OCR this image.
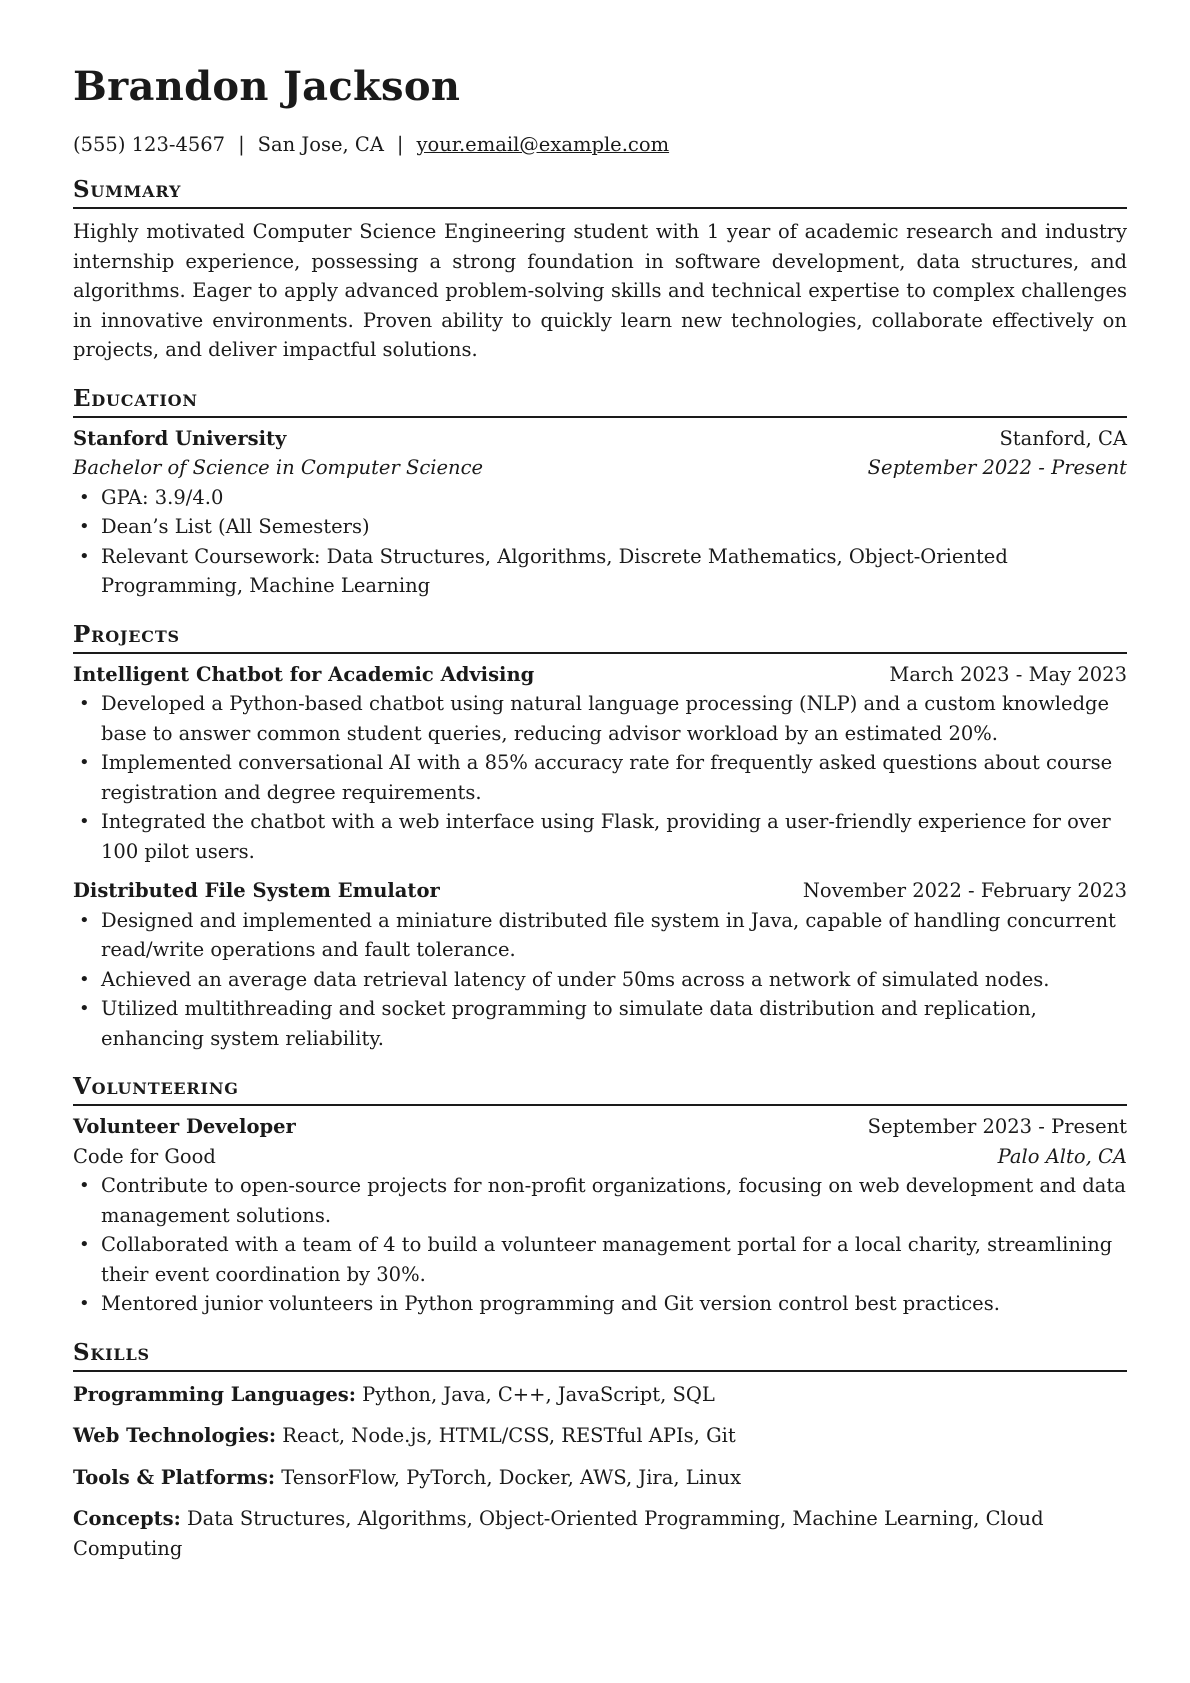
Brandon Jackson
(555) 123-4567 | San Jose, CA | your.email@example.com
Summary
Highly motivated Computer Science Engineering student with 1 year of academic research and industry internship experience, possessing a strong foundation in software development, data structures, and algorithms. Eager to apply advanced problem-solving skills and technical expertise to complex challenges in innovative environments. Proven ability to quickly learn new technologies, collaborate effectively on projects, and deliver impactful solutions.
Education
Stanford University	Stanford, CA
Bachelor of Science in Computer Science	September 2022 - Present
• GPA: 3.9/4.0
• Dean’s List (All Semesters)
• Relevant Coursework: Data Structures, Algorithms, Discrete Mathematics, Object-Oriented Programming, Machine Learning
Projects
Intelligent Chatbot for Academic Advising	March 2023 - May 2023
• Developed a Python-based chatbot using natural language processing (NLP) and a custom knowledge base to answer common student queries, reducing advisor workload by an estimated 20%.
• Implemented conversational AI with a 85% accuracy rate for frequently asked questions about course registration and degree requirements.
• Integrated the chatbot with a web interface using Flask, providing a user-friendly experience for over 100 pilot users.
Distributed File System Emulator	November 2022 - February 2023
• Designed and implemented a miniature distributed file system in Java, capable of handling concurrent read/write operations and fault tolerance.
• Achieved an average data retrieval latency of under 50ms across a network of simulated nodes.
• Utilized multithreading and socket programming to simulate data distribution and replication, enhancing system reliability.
Volunteering
Volunteer Developer	September 2023 - Present
Code for Good	Palo Alto, CA
• Contribute to open-source projects for non-profit organizations, focusing on web development and data management solutions.
• Collaborated with a team of 4 to build a volunteer management portal for a local charity, streamlining their event coordination by 30%.
• Mentored junior volunteers in Python programming and Git version control best practices.
Skills
Programming Languages: Python, Java, C++, JavaScript, SQL
Web Technologies: React, Node.js, HTML/CSS, RESTful APIs, Git
Tools & Platforms: TensorFlow, PyTorch, Docker, AWS, Jira, Linux
Concepts: Data Structures, Algorithms, Object-Oriented Programming, Machine Learning, Cloud Computing
